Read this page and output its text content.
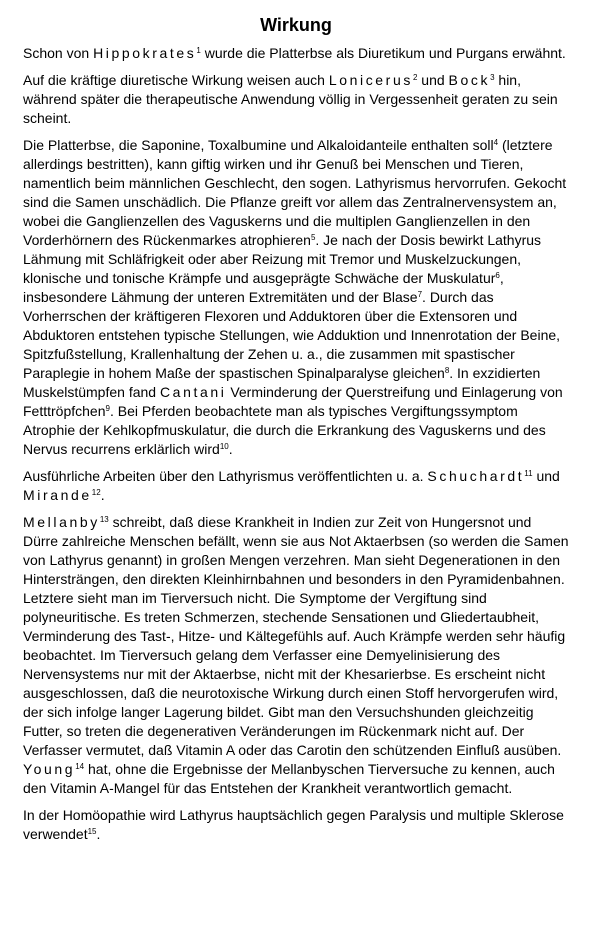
Wirkung

Schon von Hippokrates$^1$ wurde die Platterbse als Diuretikum und Purgans erwähnt.

Auf die kräftige diuretische Wirkung weisen auch Lonicerus$^2$ und Bock$^3$ hin, während später die therapeutische Anwendung völlig in Vergessenheit geraten zu sein scheint.

Die Platterbse, die Saponine, Toxalbumine und Alkaloidanteile enthalten soll$^4$ (letztere allerdings bestritten), kann giftig wirken und ihr Genuß bei Menschen und Tieren, namentlich beim männlichen Geschlecht, den sogen. Lathyrismus hervorrufen. Gekocht sind die Samen unschädlich. Die Pflanze greift vor allem das Zentralnervensystem an, wobei die Ganglienzellen des Vaguskerns und die multiplen Ganglienzellen in den Vorderhörnern des Rückenmarkes atrophieren$^5$. Je nach der Dosis bewirkt Lathyrus Lähmung mit Schläfrigkeit oder aber Reizung mit Tremor und Muskelzuckungen, klonische und tonische Krämpfe und ausgeprägte Schwäche der Muskulatur$^6$, insbesondere Lähmung der unteren Extremitäten und der Blase$^7$. Durch das Vorherrschen der kräftigeren Flexoren und Adduktoren über die Extensoren und Abduktoren entstehen typische Stellungen, wie Adduktion und Innenrotation der Beine, Spitzfußstellung, Krallenhaltung der Zehen u. a., die zusammen mit spastischer Paraplegie in hohem Maße der spastischen Spinalparalyse gleichen$^8$. In exzidierten Muskelstümpfen fand Cantani Verminderung der Querstreifung und Einlagerung von Fetttröpfchen$^9$. Bei Pferden beobachtete man als typisches Vergiftungssymptom Atrophie der Kehlkopfmuskulatur, die durch die Erkrankung des Vaguskerns und des Nervus recurrens erklärlich wird$^{10}$.

Ausführliche Arbeiten über den Lathyrismus veröffentlichten u. a. Schuchardt$^{11}$ und Mirande$^{12}$.

Mellanby$^{13}$ schreibt, daß diese Krankheit in Indien zur Zeit von Hungersnot und Dürre zahlreiche Menschen befällt, wenn sie aus Not Aktaerbsen (so werden die Samen von Lathyrus genannt) in großen Mengen verzehren. Man sieht Degenerationen in den Hintersträngen, den direkten Kleinhirnbahnen und besonders in den Pyramidenbahnen. Letztere sieht man im Tierversuch nicht. Die Symptome der Vergiftung sind polyneuritische. Es treten Schmerzen, stechende Sensationen und Gliedertaubheit, Verminderung des Tast-, Hitze- und Kältegefühls auf. Auch Krämpfe werden sehr häufig beobachtet. Im Tierversuch gelang dem Verfasser eine Demyelinisierung des Nervensystems nur mit der Aktaerbse, nicht mit der Khesarierbse. Es erscheint nicht ausgeschlossen, daß die neurotoxische Wirkung durch einen Stoff hervorgerufen wird, der sich infolge langer Lagerung bildet. Gibt man den Versuchshunden gleichzeitig Futter, so treten die degenerativen Veränderungen im Rückenmark nicht auf. Der Verfasser vermutet, daß Vitamin A oder das Carotin den schützenden Einfluß ausüben. Young$^{14}$ hat, ohne die Ergebnisse der Mellanbyschen Tierversuche zu kennen, auch den Vitamin A-Mangel für das Entstehen der Krankheit verantwortlich gemacht.

In der Homöopathie wird Lathyrus hauptsächlich gegen Paralysis und multiple Sklerose verwendet$^{15}$.
